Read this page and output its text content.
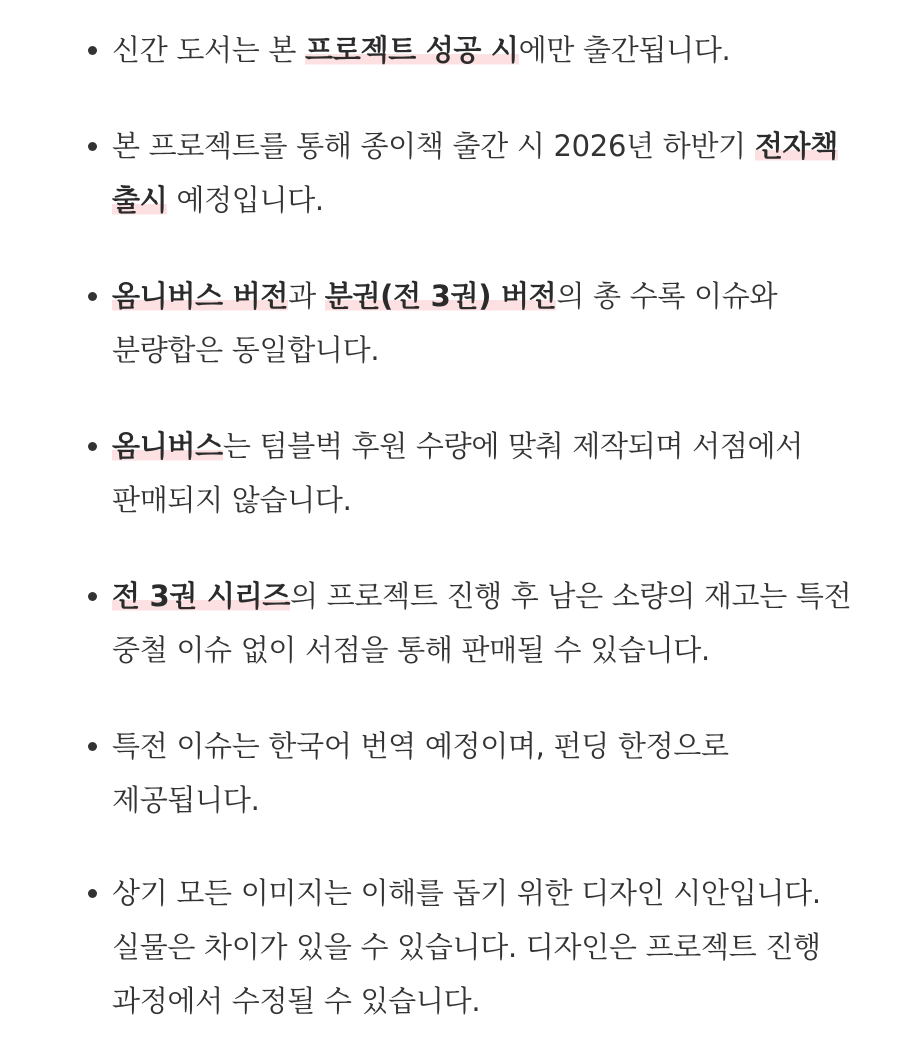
신간 도서는 본 프로젝트 성공 시에만 출간됩니다.
본 프로젝트를 통해 종이책 출간 시 2026년 하반기 전자책 출시 예정입니다.
옴니버스 버전과 분권(전 3권) 버전의 총 수록 이슈와 분량합은 동일합니다.
옴니버스는 텀블벅 후원 수량에 맞춰 제작되며 서점에서 판매되지 않습니다.
전 3권 시리즈의 프로젝트 진행 후 남은 소량의 재고는 특전 중철 이슈 없이 서점을 통해 판매될 수 있습니다.
특전 이슈는 한국어 번역 예정이며, 펀딩 한정으로 제공됩니다.
상기 모든 이미지는 이해를 돕기 위한 디자인 시안입니다. 실물은 차이가 있을 수 있습니다. 디자인은 프로젝트 진행 과정에서 수정될 수 있습니다.
